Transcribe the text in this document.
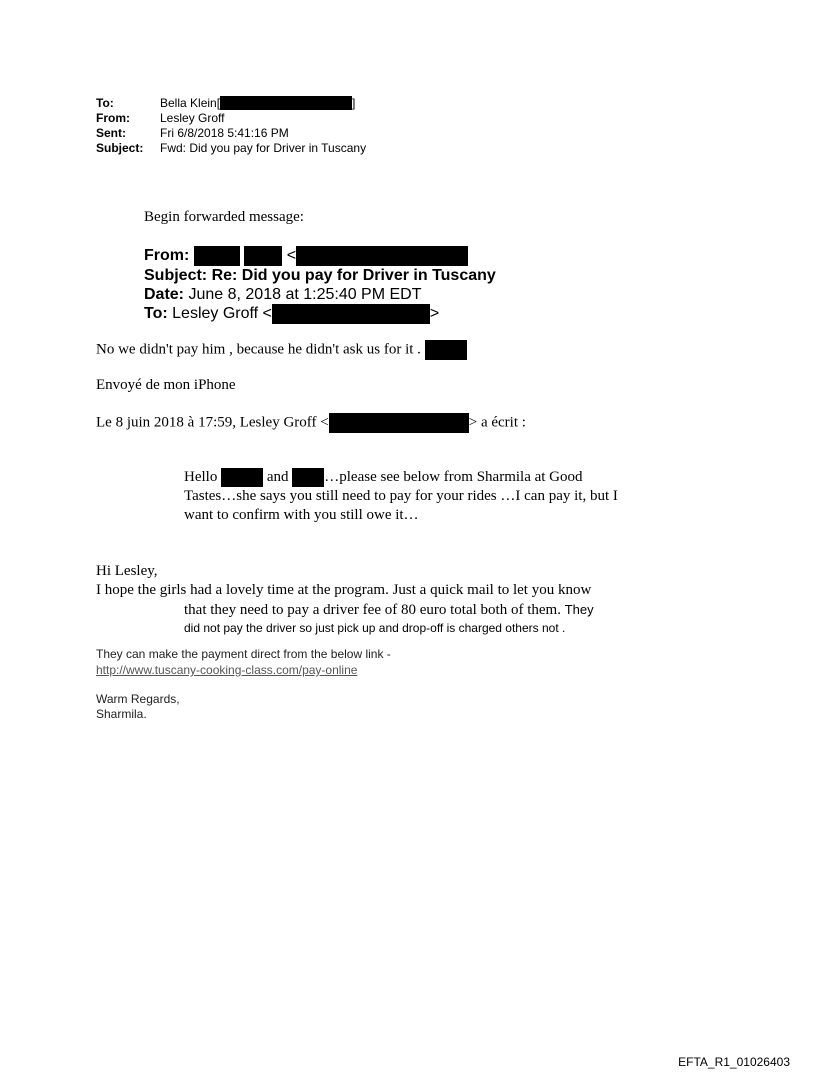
To:	Bella Klein[	]
From:	Lesley Groff
Sent:	Fri 6/8/2018 5:41:16 PM
Subject:	Fwd: Did you pay for Driver in Tuscany
Begin forwarded message:
From:	<
Subject: Re: Did you pay for Driver in Tuscany
Date: June 8, 2018 at 1:25:40 PM EDT
To: Lesley Groff <	>
No we didn't pay him , because he didn't ask us for it .
Envoyé de mon iPhone
Le 8 juin 2018 à 17:59, Lesley Groff <	> a écrit :
Hello	and …please see below from Sharmila at Good Tastes…she says you still need to pay for your rides …I can pay it, but I want to confirm with you still owe it…
Hi Lesley,
I hope the girls had a lovely time at the program. Just a quick mail to let you know
that they need to pay a driver fee of 80 euro total both of them. They
did not pay the driver so just pick up and drop-off is charged others not .
They can make the payment direct from the below link -
http://www.tuscany-cooking-class.com/pay-online
Warm Regards,
Sharmila.
EFTA_R1_01026403
